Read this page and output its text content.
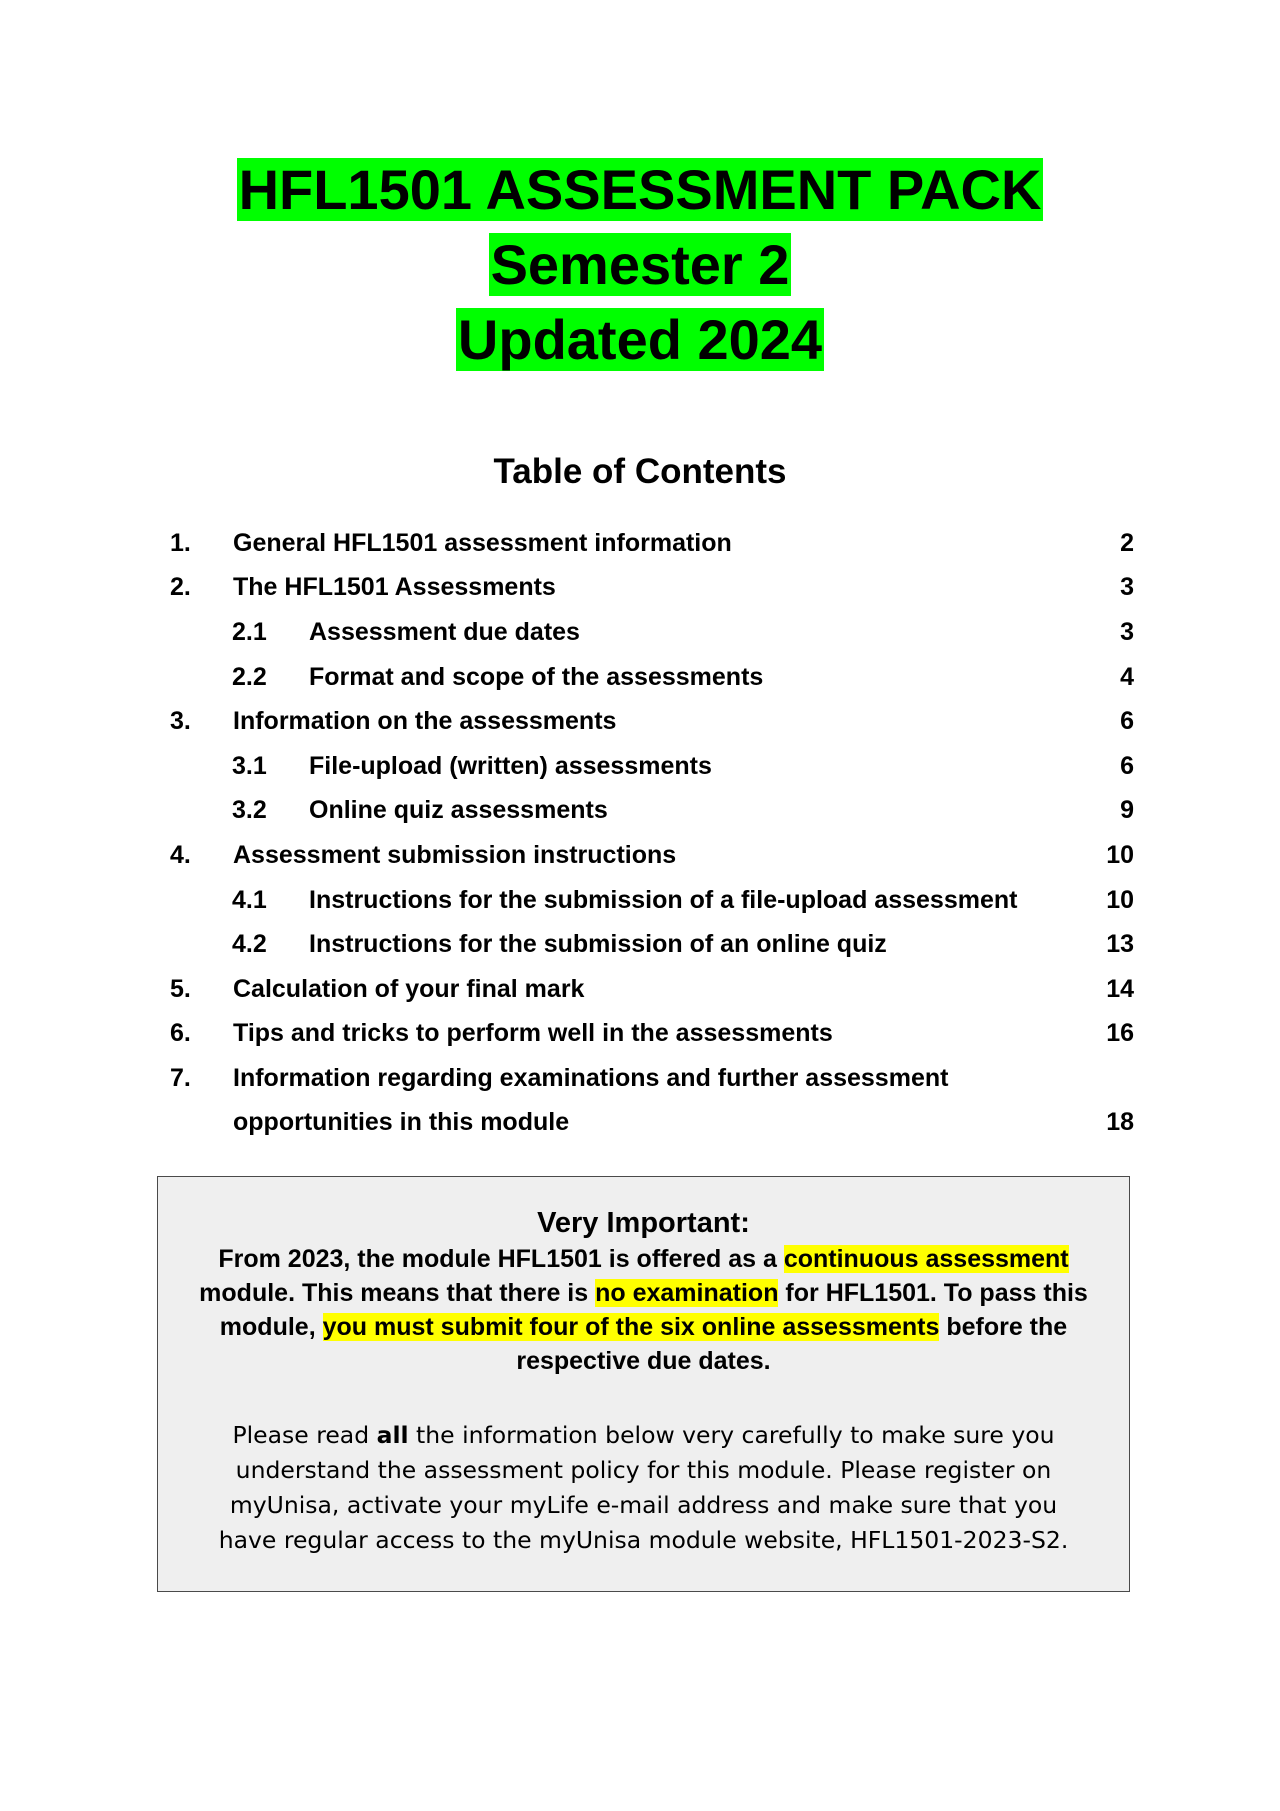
HFL1501 ASSESSMENT PACK
Semester 2
Updated 2024
Table of Contents
1. General HFL1501 assessment information	2
2. The HFL1501 Assessments	3
2.1 Assessment due dates	3
2.2 Format and scope of the assessments	4
3. Information on the assessments	6
3.1 File-upload (written) assessments	6
3.2 Online quiz assessments	9
4. Assessment submission instructions	10
4.1 Instructions for the submission of a file-upload assessment	10
4.2 Instructions for the submission of an online quiz	13
5. Calculation of your final mark	14
6. Tips and tricks to perform well in the assessments	16
7. Information regarding examinations and further assessment
opportunities in this module	18
Very Important:
From 2023, the module HFL1501 is offered as a continuous assessment module. This means that there is no examination for HFL1501. To pass this module, you must submit four of the six online assessments before the respective due dates.
Please read all the information below very carefully to make sure you
understand the assessment policy for this module. Please register on
myUnisa, activate your myLife e-mail address and make sure that you
have regular access to the myUnisa module website, HFL1501-2023-S2.
